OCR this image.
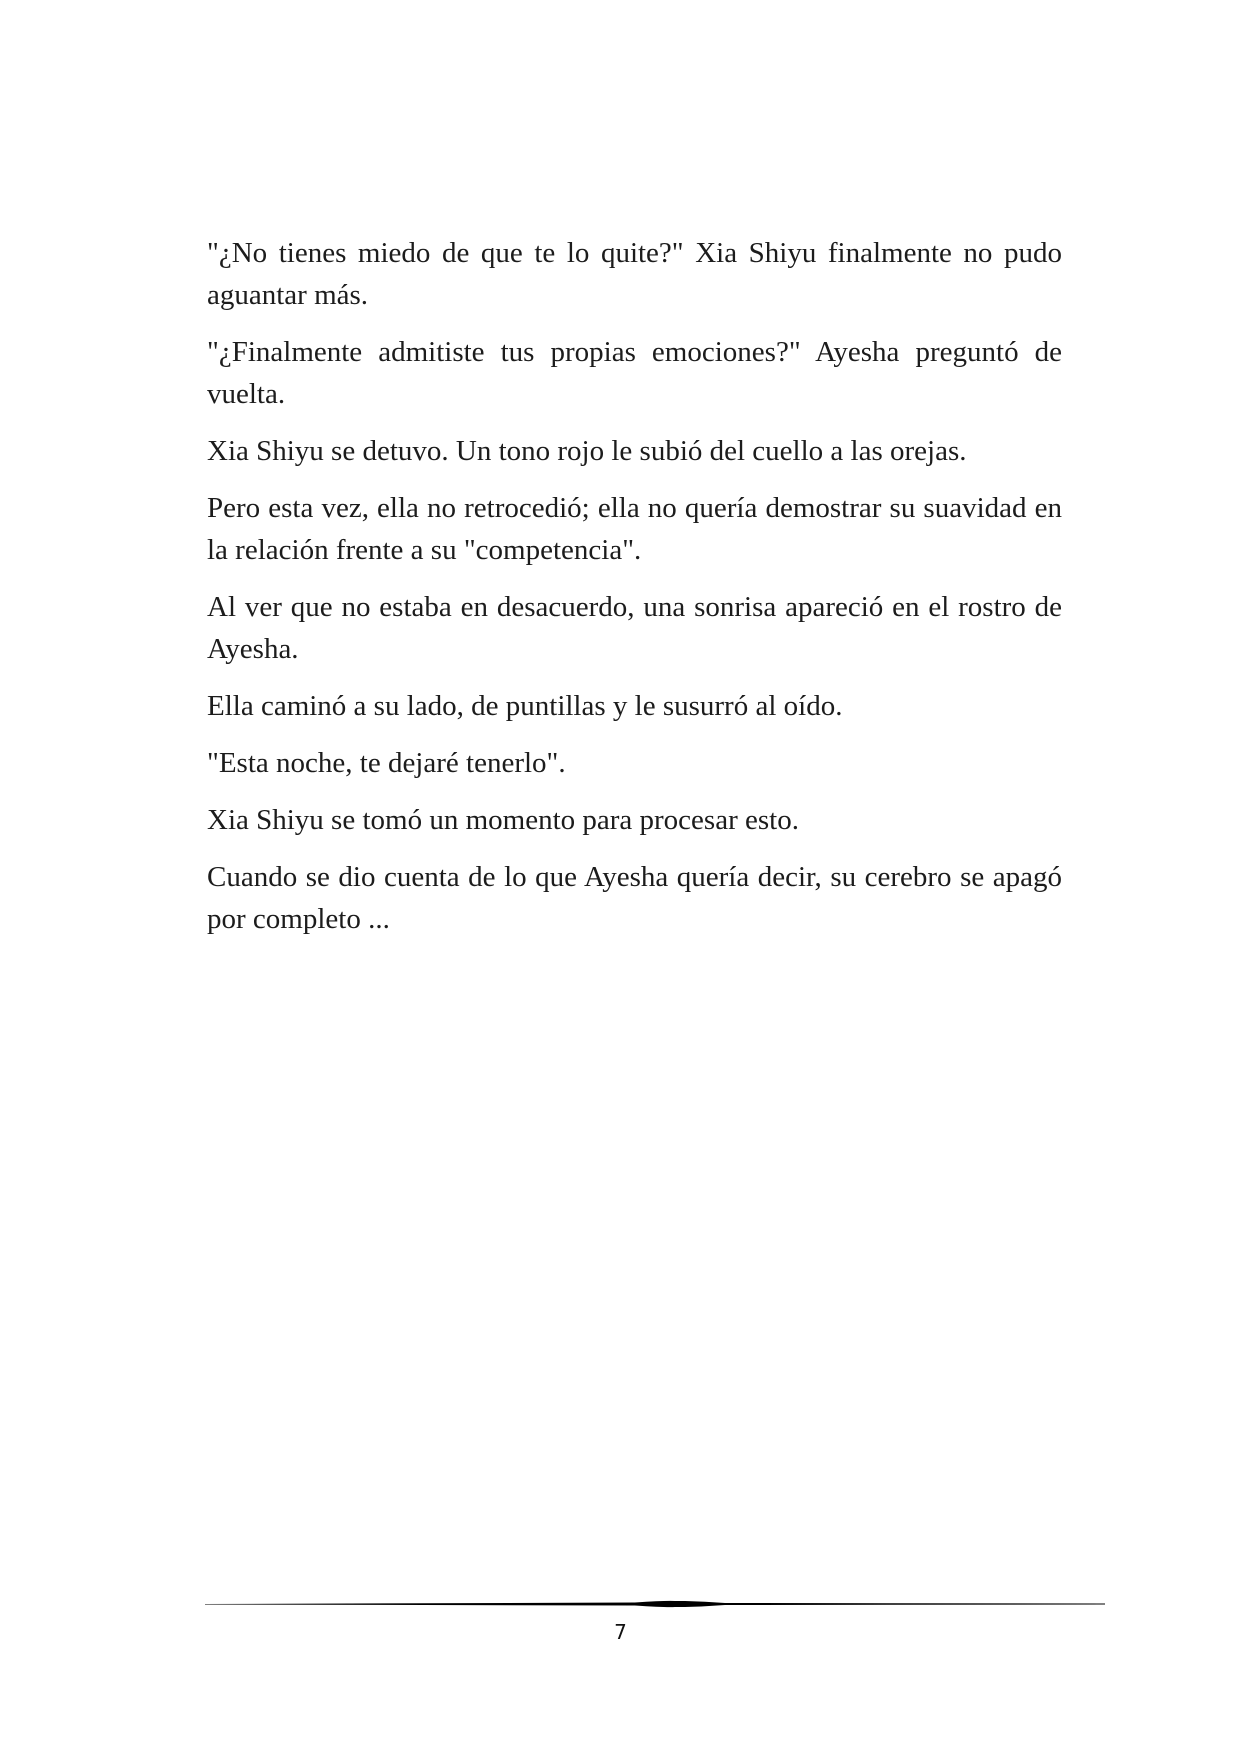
"¿No tienes miedo de que te lo quite?" Xia Shiyu finalmente no pudo aguantar más.

"¿Finalmente admitiste tus propias emociones?" Ayesha preguntó de vuelta.

Xia Shiyu se detuvo. Un tono rojo le subió del cuello a las orejas.

Pero esta vez, ella no retrocedió; ella no quería demostrar su suavidad en la relación frente a su "competencia".

Al ver que no estaba en desacuerdo, una sonrisa apareció en el rostro de Ayesha.

Ella caminó a su lado, de puntillas y le susurró al oído.

"Esta noche, te dejaré tenerlo".

Xia Shiyu se tomó un momento para procesar esto.

Cuando se dio cuenta de lo que Ayesha quería decir, su cerebro se apagó por completo ...

7
